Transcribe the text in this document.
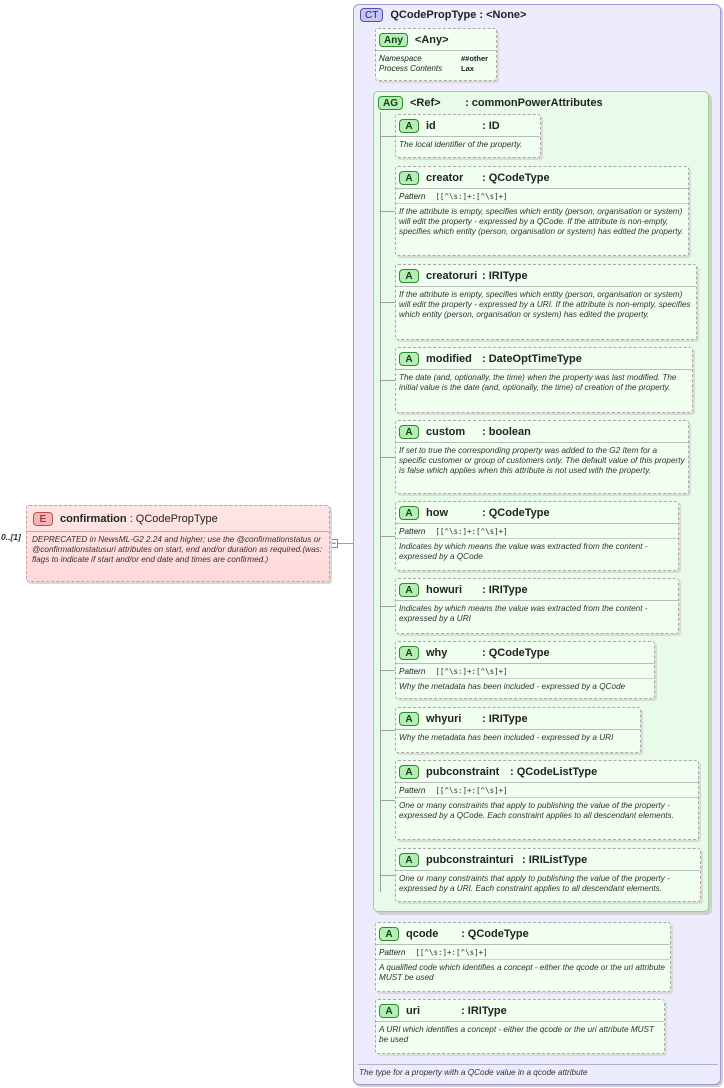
−
0..[1]
E	confirmation : QCodePropType
DEPRECATED in NewsML-G2 2.24 and higher; use the @confirmationstatus or @confirmationstatusuri attributes on start, end and/or duration as required.(was: flags to indicate if start and/or end date and times are confirmed.)
CT	QCodePropType : <None>
The type for a property with a QCode value in a qcode attribute
Any	<Any>
Namespace	##other
Process Contents	Lax
AG	<Ref> : commonPowerAttributes
A	id	: ID
The local identifier of the property.
A	creator : QCodeType
Pattern [[^\s:]+:[^\s]+]
If the attribute is empty, specifies which entity (person, organisation or system) will edit the property - expressed by a QCode. If the attribute is non-empty, specifies which entity (person, organisation or system) has edited the property.
A	creatoruri : IRIType
If the attribute is empty, specifies which entity (person, organisation or system) will edit the property - expressed by a URI. If the attribute is non-empty, specifies which entity (person, organisation or system) has edited the property.
A	modified : DateOptTimeType
The date (and, optionally, the time) when the property was last modified. The initial value is the date (and, optionally, the time) of creation of the property.
A	custom : boolean
If set to true the corresponding property was added to the G2 Item for a specific customer or group of customers only. The default value of this property is false which applies when this attribute is not used with the property.
A	how	: QCodeType
Pattern [[^\s:]+:[^\s]+]
Indicates by which means the value was extracted from the content - expressed by a QCode
A	howuri : IRIType
Indicates by which means the value was extracted from the content - expressed by a URI
A	why	: QCodeType
Pattern [[^\s:]+:[^\s]+]
Why the metadata has been included - expressed by a QCode
A	whyuri : IRIType
Why the metadata has been included - expressed by a URI
A	pubconstraint : QCodeListType
Pattern [[^\s:]+:[^\s]+]
One or many constraints that apply to publishing the value of the property - expressed by a QCode. Each constraint applies to all descendant elements.
A	pubconstrainturi : IRIListType
One or many constraints that apply to publishing the value of the property - expressed by a URI. Each constraint applies to all descendant elements.
A	qcode : QCodeType
Pattern [[^\s:]+:[^\s]+]
A qualified code which identifies a concept - either the qcode or the uri attribute MUST be used
A	uri	: IRIType
A URI which identifies a concept - either the qcode or the uri attribute MUST be used
